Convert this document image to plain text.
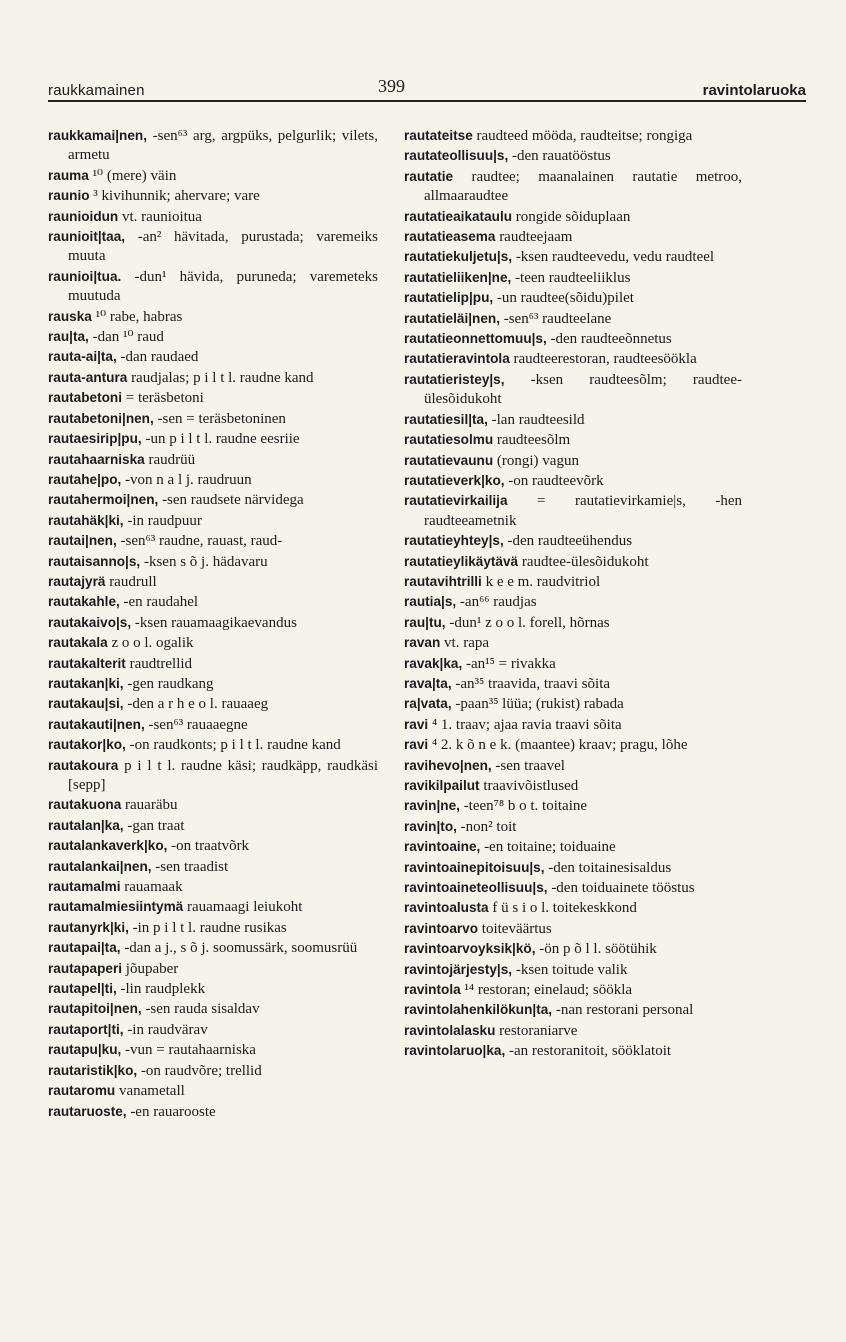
raukkamainen	399	ravintolaruoka

raukkamai|nen, -sen⁶³ arg, argpüks, pelgurlik; vilets, armetu

rauma ¹⁰ (mere) väin

raunio ³ kivihunnik; ahervare; vare

raunioidun vt. raunioitua

raunioit|taa, -an² hävitada, purustada; varemeiks muuta

raunioi|tua. -dun¹ hävida, puruneda; varemeteks muutuda

rauska ¹⁰ rabe, habras

rau|ta, -dan ¹⁰ raud

rauta-ai|ta, -dan raudaed

rauta-antura raudjalas; p i l t l. raudne kand

rautabetoni = teräsbetoni

rautabetoni|nen, -sen = teräsbetoninen

rautaesirip|pu, -un p i l t l. raudne eesriie

rautahaarniska raudrüü

rautahe|po, -von n a l j. raudruun

rautahermoi|nen, -sen raudsete närvidega

rautahäk|ki, -in raudpuur

rautai|nen, -sen⁶³ raudne, rauast, raud-

rautaisanno|s, -ksen s õ j. hädavaru

rautajyrä raudrull

rautakahle, -en raudahel

rautakaivo|s, -ksen rauamaagikaevandus

rautakala z o o l. ogalik

rautakalterit raudtrellid

rautakan|ki, -gen raudkang

rautakau|si, -den a r h e o l. rauaaeg

rautakauti|nen, -sen⁶³ rauaaegne

rautakor|ko, -on raudkonts; p i l t l. raudne kand

rautakoura p i l t l. raudne käsi; raudkäpp, raudkäsi [sepp]

rautakuona rauaräbu

rautalan|ka, -gan traat

rautalankaverk|ko, -on traatvõrk

rautalankai|nen, -sen traadist

rautamalmi rauamaak

rautamalmiesiintymä rauamaagi leiukoht

rautanyrk|ki, -in p i l t l. raudne rusikas

rautapai|ta, -dan a j., s õ j. soomussärk, soomusrüü

rautapaperi jõupaber

rautapel|ti, -lin raudplekk

rautapitoi|nen, -sen rauda sisaldav

rautaport|ti, -in raudvärav

rautapu|ku, -vun = rautahaarniska

rautaristik|ko, -on raudvõre; trellid

rautaromu vanametall

rautaruoste, -en rauarooste

rautateitse raudteed mööda, raudteitse; rongiga

rautateollisuu|s, -den rauatööstus

rautatie raudtee; maanalainen rautatie metroo, allmaaraudtee

rautatieaikataulu rongide sõiduplaan

rautatieasema raudteejaam

rautatiekuljetu|s, -ksen raudteevedu, vedu raudteel

rautatieliiken|ne, -teen raudteeliiklus

rautatielip|pu, -un raudtee(sõidu)pilet

rautatieläi|nen, -sen⁶³ raudteelane

rautatieonnettomuu|s, -den raudteeõnnetus

rautatieravintola raudteerestoran, raudteesöökla

rautatieristey|s, -ksen raudteesõlm; raudtee-ülesõidukoht

rautatiesil|ta, -lan raudteesild

rautatiesolmu raudteesõlm

rautatievaunu (rongi) vagun

rautatieverk|ko, -on raudteevõrk

rautatievirkailija = rautatievirkamie|s, -hen raudteeametnik

rautatieyhtey|s, -den raudteeühendus

rautatieylikäytävä raudtee-ülesõidukoht

rautavihtrilli k e e m. raudvitriol

rautia|s, -an⁶⁶ raudjas

rau|tu, -dun¹ z o o l. forell, hõrnas

ravan vt. rapa

ravak|ka, -an¹⁵ = rivakka

rava|ta, -an³⁵ traavida, traavi sõita

ra|vata, -paan³⁵ lüüa; (rukist) rabada

ravi ⁴ 1. traav; ajaa ravia traavi sõita

ravi ⁴ 2. k õ n e k. (maantee) kraav; pragu, lõhe

ravihevo|nen, -sen traavel

ravikilpailut traavivõistlused

ravin|ne, -teen⁷⁸ b o t. toitaine

ravin|to, -non² toit

ravintoaine, -en toitaine; toiduaine

ravintoainepitoisuu|s, -den toitainesisaldus

ravintoaineteollisuu|s, -den toiduainete tööstus

ravintoalusta f ü s i o l. toitekeskkond

ravintoarvo toiteväärtus

ravintoarvoyksik|kö, -ön p õ l l. söötühik

ravintojärjesty|s, -ksen toitude valik

ravintola ¹⁴ restoran; einelaud; söökla

ravintolahenkilökun|ta, -nan restorani personal

ravintolalasku restoraniarve

ravintolaruo|ka, -an restoranitoit, sööklatoit
